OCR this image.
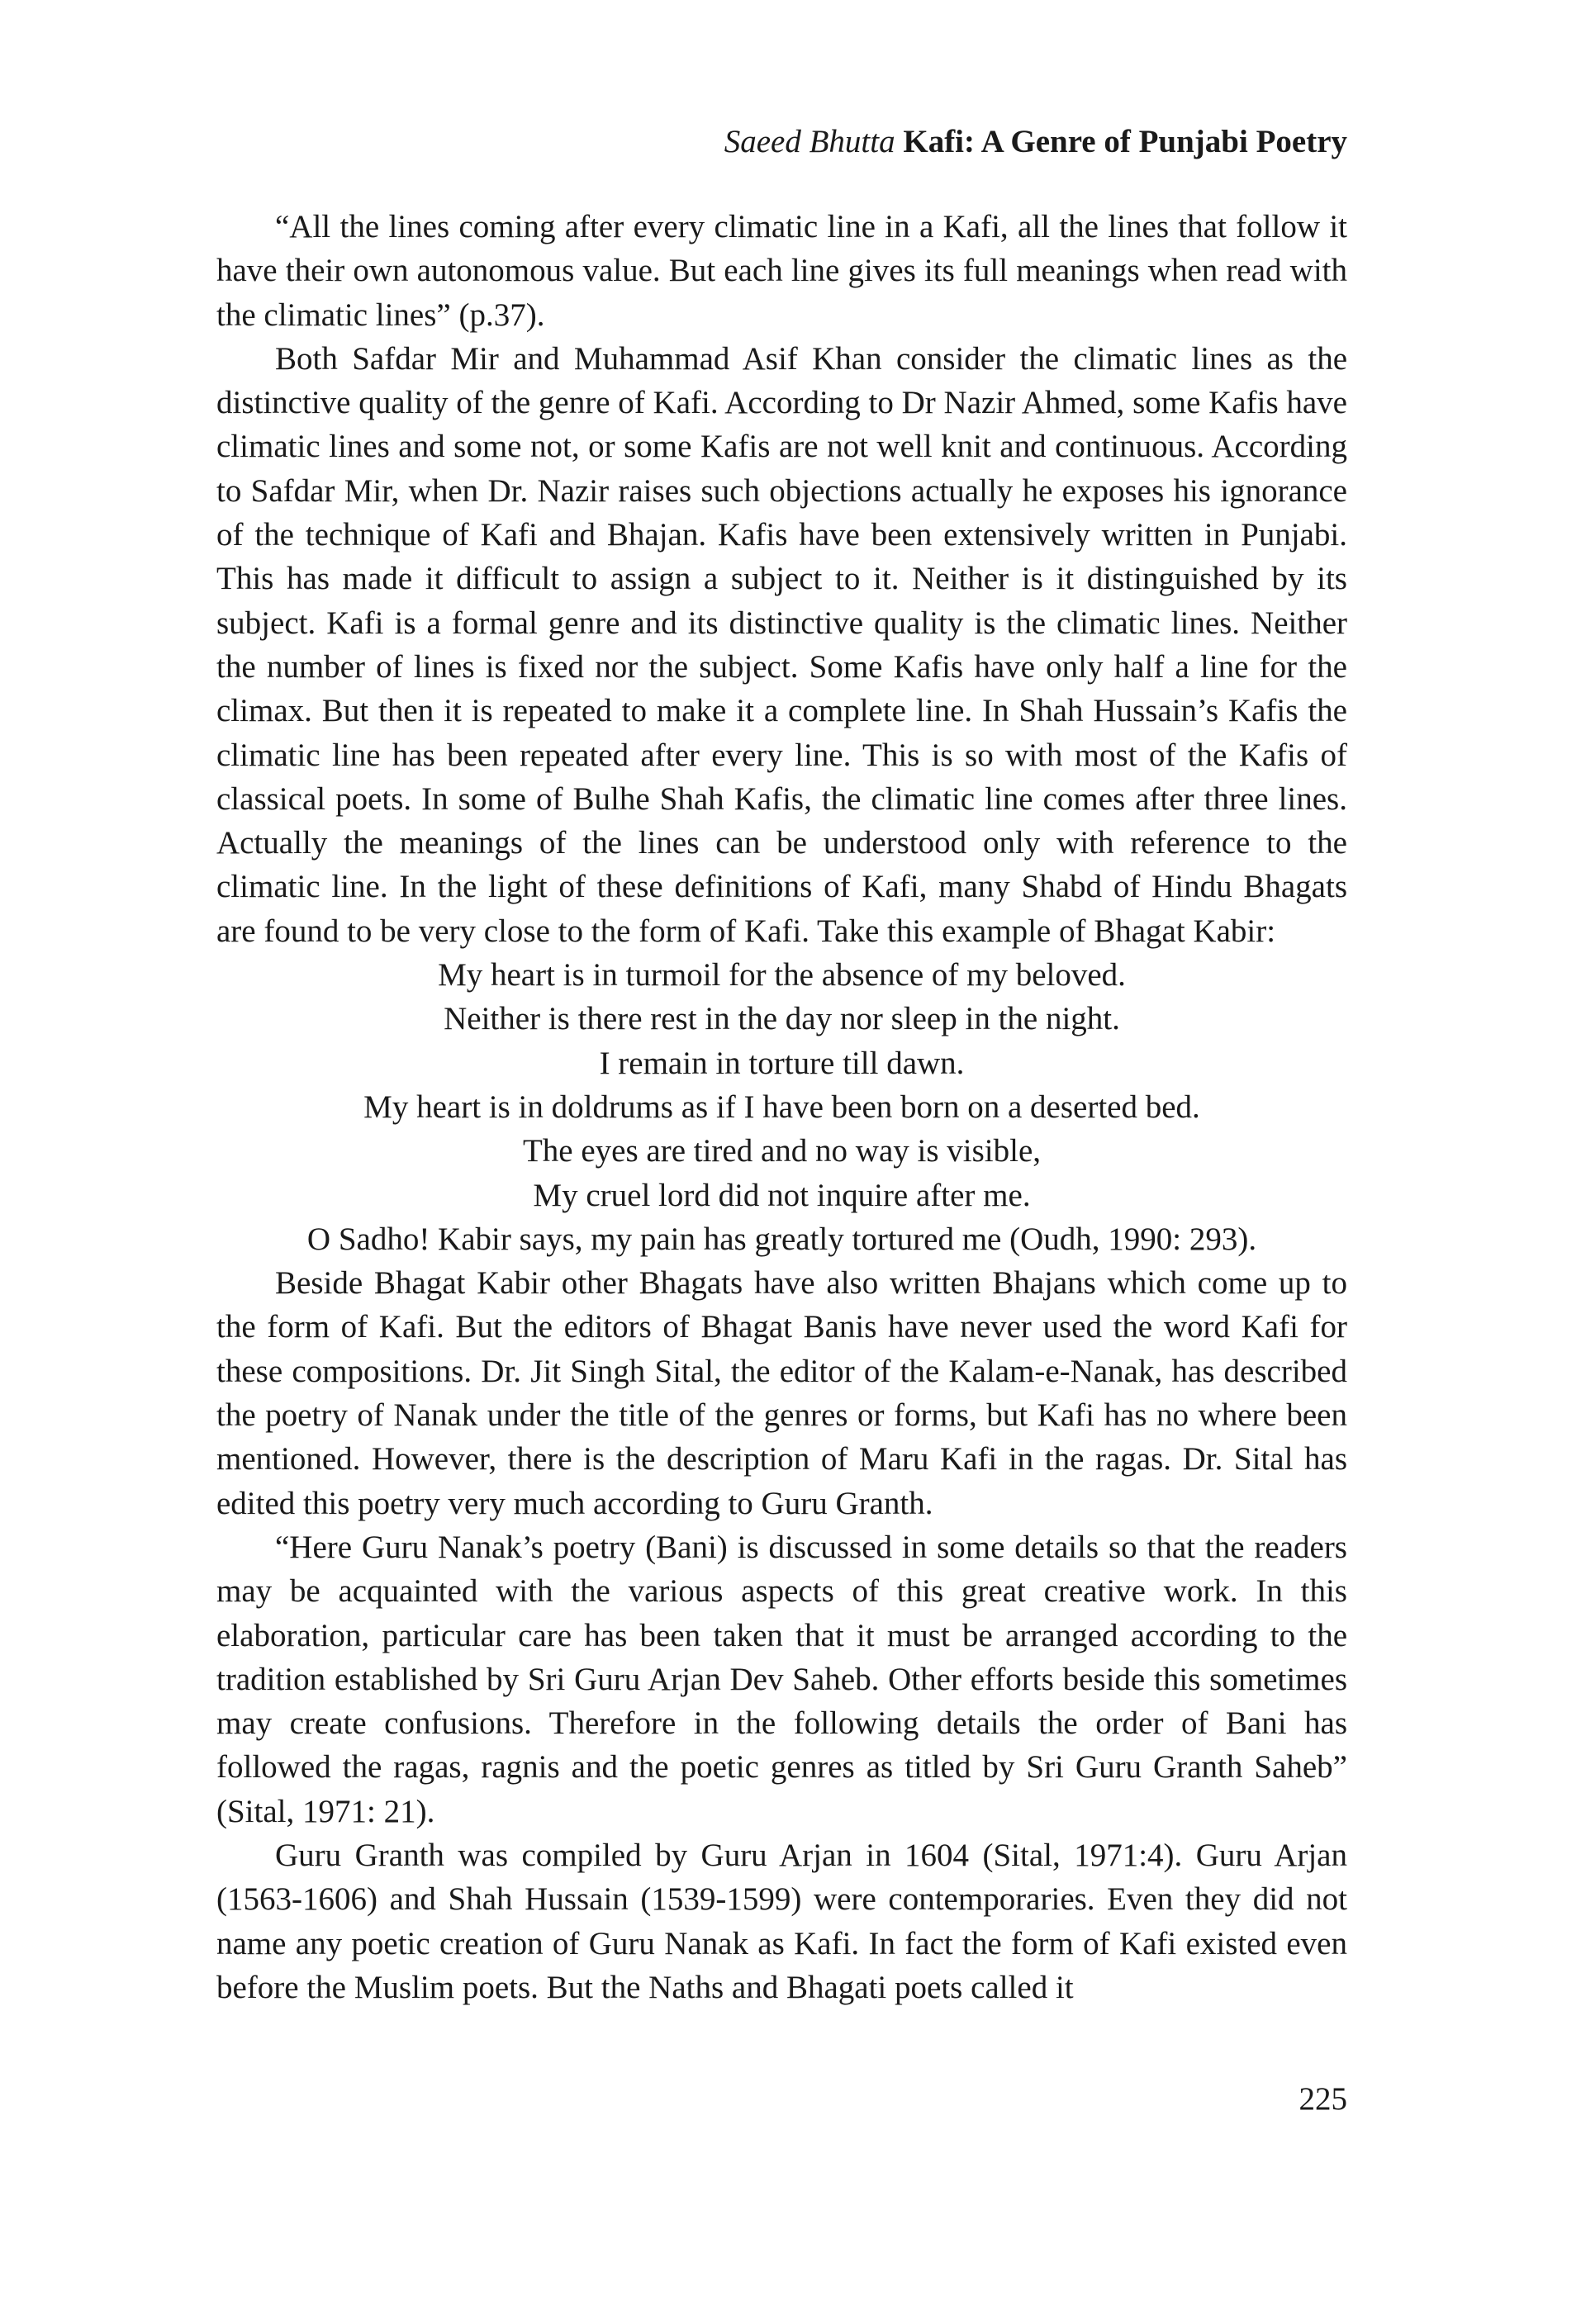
Saeed Bhutta Kafi: A Genre of Punjabi Poetry

“All the lines coming after every climatic line in a Kafi, all the lines that follow it have their own autonomous value. But each line gives its full meanings when read with the climatic lines” (p.37).

Both Safdar Mir and Muhammad Asif Khan consider the climatic lines as the distinctive quality of the genre of Kafi. According to Dr Nazir Ahmed, some Kafis have climatic lines and some not, or some Kafis are not well knit and continuous. According to Safdar Mir, when Dr. Nazir raises such objections actually he exposes his ignorance of the technique of Kafi and Bhajan. Kafis have been extensively written in Punjabi. This has made it difficult to assign a subject to it. Neither is it distinguished by its subject. Kafi is a formal genre and its distinctive quality is the climatic lines. Neither the number of lines is fixed nor the subject. Some Kafis have only half a line for the climax. But then it is repeated to make it a complete line. In Shah Hussain’s Kafis the climatic line has been repeated after every line. This is so with most of the Kafis of classical poets. In some of Bulhe Shah Kafis, the climatic line comes after three lines. Actually the meanings of the lines can be understood only with reference to the climatic line. In the light of these definitions of Kafi, many Shabd of Hindu Bhagats are found to be very close to the form of Kafi. Take this example of Bhagat Kabir:

My heart is in turmoil for the absence of my beloved.
Neither is there rest in the day nor sleep in the night.
I remain in torture till dawn.
My heart is in doldrums as if I have been born on a deserted bed.
The eyes are tired and no way is visible,
My cruel lord did not inquire after me.
O Sadho! Kabir says, my pain has greatly tortured me (Oudh, 1990: 293).

Beside Bhagat Kabir other Bhagats have also written Bhajans which come up to the form of Kafi. But the editors of Bhagat Banis have never used the word Kafi for these compositions. Dr. Jit Singh Sital, the editor of the Kalam-e-Nanak, has described the poetry of Nanak under the title of the genres or forms, but Kafi has no where been mentioned. However, there is the description of Maru Kafi in the ragas. Dr. Sital has edited this poetry very much according to Guru Granth.

“Here Guru Nanak’s poetry (Bani) is discussed in some details so that the readers may be acquainted with the various aspects of this great creative work. In this elaboration, particular care has been taken that it must be arranged according to the tradition established by Sri Guru Arjan Dev Saheb. Other efforts beside this sometimes may create confusions. Therefore in the following details the order of Bani has followed the ragas, ragnis and the poetic genres as titled by Sri Guru Granth Saheb” (Sital, 1971: 21).

Guru Granth was compiled by Guru Arjan in 1604 (Sital, 1971:4). Guru Arjan (1563-1606) and Shah Hussain (1539-1599) were contemporaries. Even they did not name any poetic creation of Guru Nanak as Kafi. In fact the form of Kafi existed even before the Muslim poets. But the Naths and Bhagati poets called it

225
